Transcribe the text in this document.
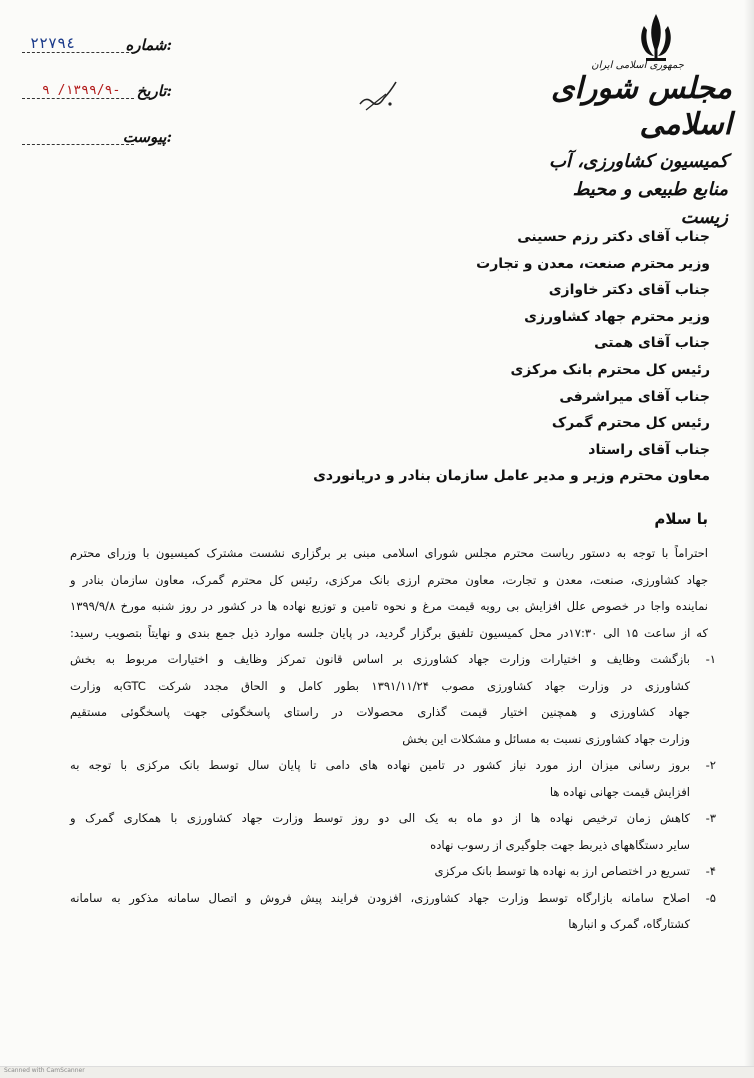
شماره:
٢٢٧٩٤
تاریخ:
١٣٩٩/٩/ ٩-
پیوست:
جمهوری اسلامی ایران
مجلس شورای اسلامی
کمیسیون کشاورزی، آب
منابع طبیعی و محیط زیست
جناب آقای دکتر رزم حسینی
وزیر محترم صنعت، معدن و تجارت
جناب آقای دکتر خاوازی
وزیر محترم جهاد کشاورزی
جناب آقای همتی
رئیس کل محترم بانک مرکزی
جناب آقای میراشرفی
رئیس کل محترم گمرک
جناب آقای راستاد
معاون محترم وزیر و مدیر عامل سازمان بنادر و دریانوردی
با سلام
احتراماً با توجه به دستور ریاست محترم مجلس شورای اسلامی مبنی بر برگزاری نشست مشترک کمیسیون با وزرای محترم
جهاد کشاورزی، صنعت، معدن و تجارت، معاون محترم ارزی بانک مرکزی، رئیس کل محترم گمرک، معاون سازمان بنادر و
نماینده واجا در خصوص علل افزایش بی رویه قیمت مرغ و نحوه تامین و توزیع نهاده ها در کشور در روز شنبه مورخ ۱۳۹۹/۹/۸
که از ساعت ۱۵ الی ۱۷:۳۰در محل کمیسیون تلفیق برگزار گردید، در پایان جلسه موارد ذیل جمع بندی و نهایتاً بتصویب رسید:
۱-
بازگشت وظایف و اختیارات وزارت جهاد کشاورزی بر اساس قانون تمرکز وظایف و اختیارات مربوط به بخش
کشاورزی در وزارت جهاد کشاورزی مصوب ۱۳۹۱/۱۱/۲۴ بطور کامل و الحاق مجدد شرکت GTCبه وزارت
جهاد کشاورزی و همچنین اختیار قیمت گذاری محصولات در راستای پاسخگوئی جهت پاسخگوئی مستقیم
وزارت جهاد کشاورزی نسبت به مسائل و مشکلات این بخش
۲-
بروز رسانی میزان ارز مورد نیاز کشور در تامین نهاده های دامی تا پایان سال توسط بانک مرکزی با توجه به
افزایش قیمت جهانی نهاده ها
۳-
کاهش زمان ترخیص نهاده ها از دو ماه به یک الی دو روز توسط وزارت جهاد کشاورزی با همکاری گمرک و
سایر دستگاههای ذیربط جهت جلوگیری از رسوب نهاده
۴-
تسریع در اختصاص ارز به نهاده ها توسط بانک مرکزی
۵-
اصلاح سامانه بازارگاه توسط وزارت جهاد کشاورزی، افزودن فرایند پیش فروش و اتصال سامانه مذکور به سامانه
کشتارگاه، گمرک و انبارها
Scanned with CamScanner
